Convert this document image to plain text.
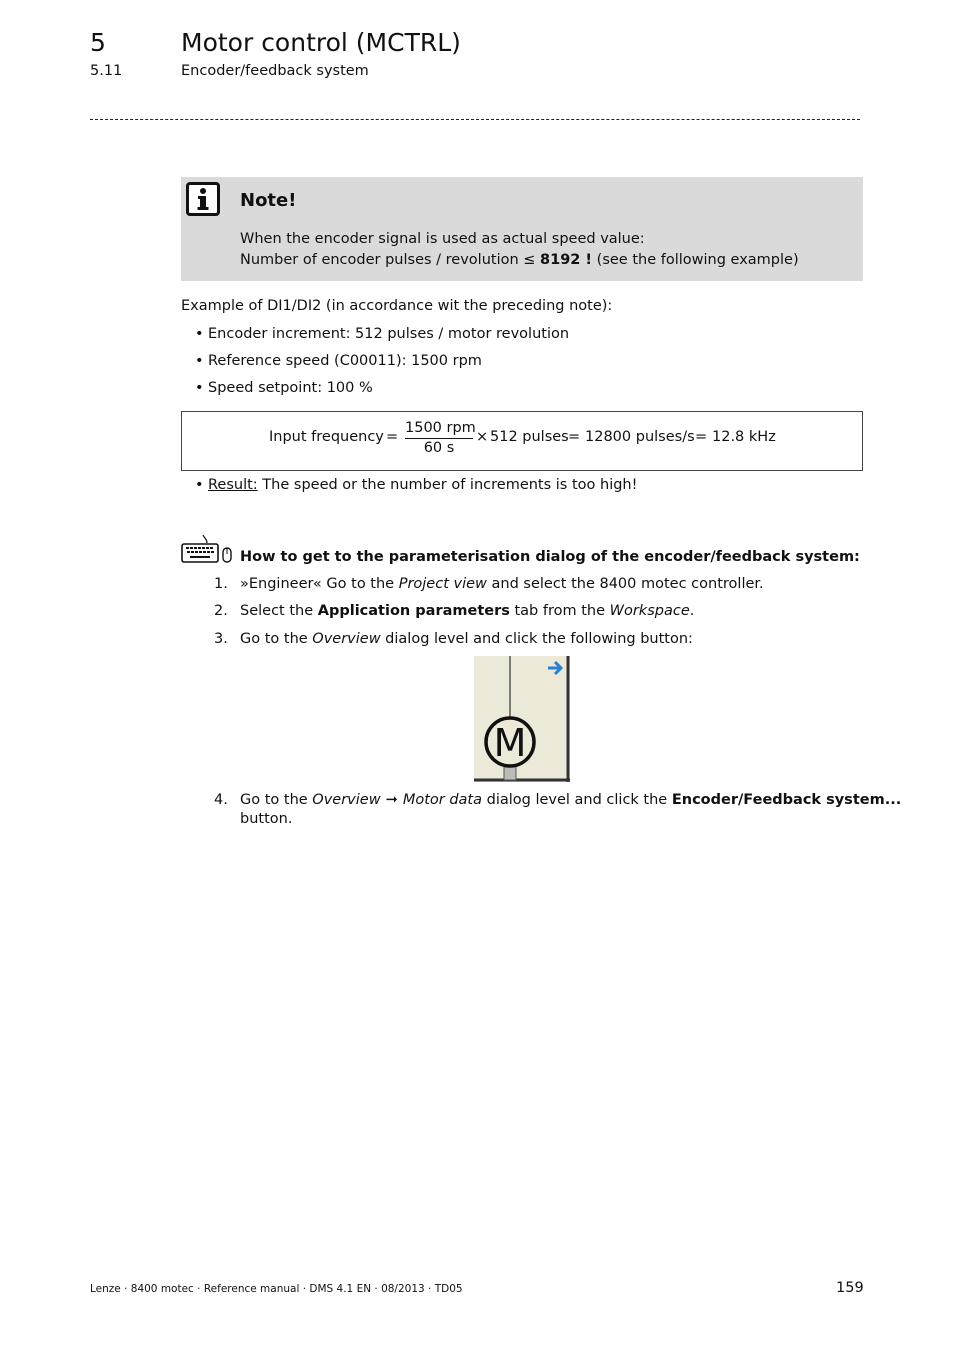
5	Motor control (MCTRL)
5.11	Encoder/feedback system
Note!
When the encoder signal is used as actual speed value:
Number of encoder pulses / revolution ≤ 8192 ! (see the following example)
Example of DI1/DI2 (in accordance wit the preceding note):
• Encoder increment: 512 pulses / motor revolution
• Reference speed (C00011): 1500 rpm
• Speed setpoint: 100 %
Input frequency =
1500 rpm
60 s
× 512 pulses = 12800 pulses/s = 12.8 kHz
• Result: The speed or the number of increments is too high!
How to get to the parameterisation dialog of the encoder/feedback system:
1. »Engineer« Go to the Project view and select the 8400 motec controller.
2. Select the Application parameters tab from the Workspace.
3. Go to the Overview dialog level and click the following button:
M
4. Go to the Overview ➞ Motor data dialog level and click the Encoder/Feedback system...
button.
Lenze · 8400 motec · Reference manual · DMS 4.1 EN · 08/2013 · TD05	159
